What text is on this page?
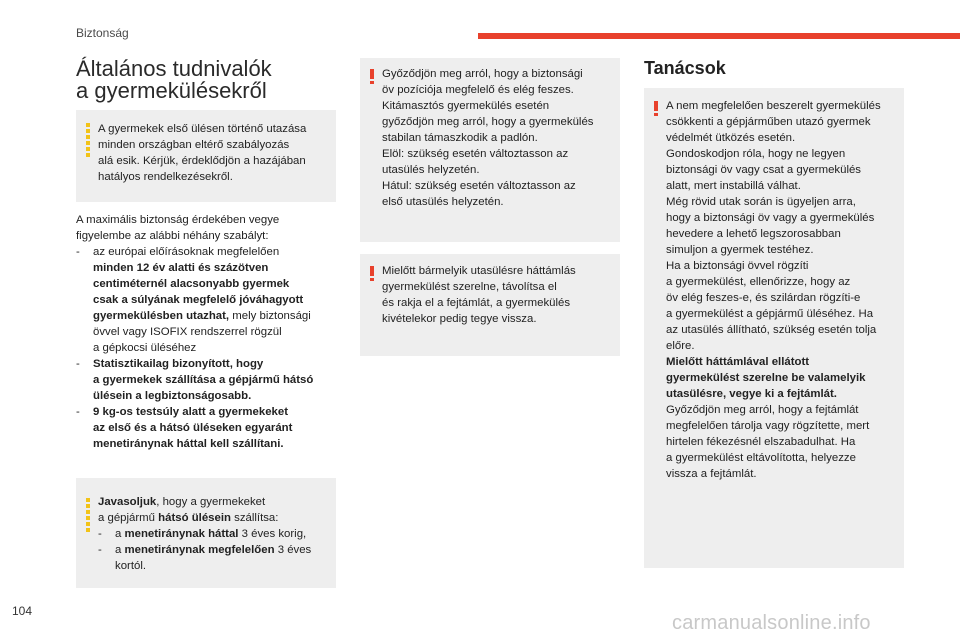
Biztonság
Általános tudnivalók
a gyermekülésekről
A gyermekek első ülésen történő utazása
minden országban eltérő szabályozás
alá esik. Kérjük, érdeklődjön a hazájában
hatályos rendelkezésekről.
A maximális biztonság érdekében vegye
figyelembe az alábbi néhány szabályt:
- az európai előírásoknak megfelelően
minden 12 év alatti és százötven
centiméternél alacsonyabb gyermek
csak a súlyának megfelelő jóváhagyott
gyermekülésben utazhat, mely biztonsági
övvel vagy ISOFIX rendszerrel rögzül
a gépkocsi üléséhez
- Statisztikailag bizonyított, hogy
a gyermekek szállítása a gépjármű hátsó
ülésein a legbiztonságosabb.
- 9 kg-os testsúly alatt a gyermekeket
az első és a hátsó üléseken egyaránt
menetiránynak háttal kell szállítani.
Javasoljuk, hogy a gyermekeket
a gépjármű hátsó ülésein szállítsa:
- a menetiránynak háttal 3 éves korig,
- a menetiránynak megfelelően 3 éves
kortól.
Győződjön meg arról, hogy a biztonsági
öv pozíciója megfelelő és elég feszes.
Kitámasztós gyermekülés esetén
győződjön meg arról, hogy a gyermekülés
stabilan támaszkodik a padlón.
Elöl: szükség esetén változtasson az
utasülés helyzetén.
Hátul: szükség esetén változtasson az
első utasülés helyzetén.
Mielőtt bármelyik utasülésre háttámlás
gyermekülést szerelne, távolítsa el
és rakja el a fejtámlát, a gyermekülés
kivételekor pedig tegye vissza.
Tanácsok
A nem megfelelően beszerelt gyermekülés
csökkenti a gépjárműben utazó gyermek
védelmét ütközés esetén.
Gondoskodjon róla, hogy ne legyen
biztonsági öv vagy csat a gyermekülés
alatt, mert instabillá válhat.
Még rövid utak során is ügyeljen arra,
hogy a biztonsági öv vagy a gyermekülés
hevedere a lehető legszorosabban
simuljon a gyermek testéhez.
Ha a biztonsági övvel rögzíti
a gyermekülést, ellenőrizze, hogy az
öv elég feszes-e, és szilárdan rögzíti-e
a gyermekülést a gépjármű üléséhez. Ha
az utasülés állítható, szükség esetén tolja
előre.
Mielőtt háttámlával ellátott
gyermekülést szerelne be valamelyik
utasülésre, vegye ki a fejtámlát.
Győződjön meg arról, hogy a fejtámlát
megfelelően tárolja vagy rögzítette, mert
hirtelen fékezésnél elszabadulhat. Ha
a gyermekülést eltávolította, helyezze
vissza a fejtámlát.
104
carmanualsonline.info
